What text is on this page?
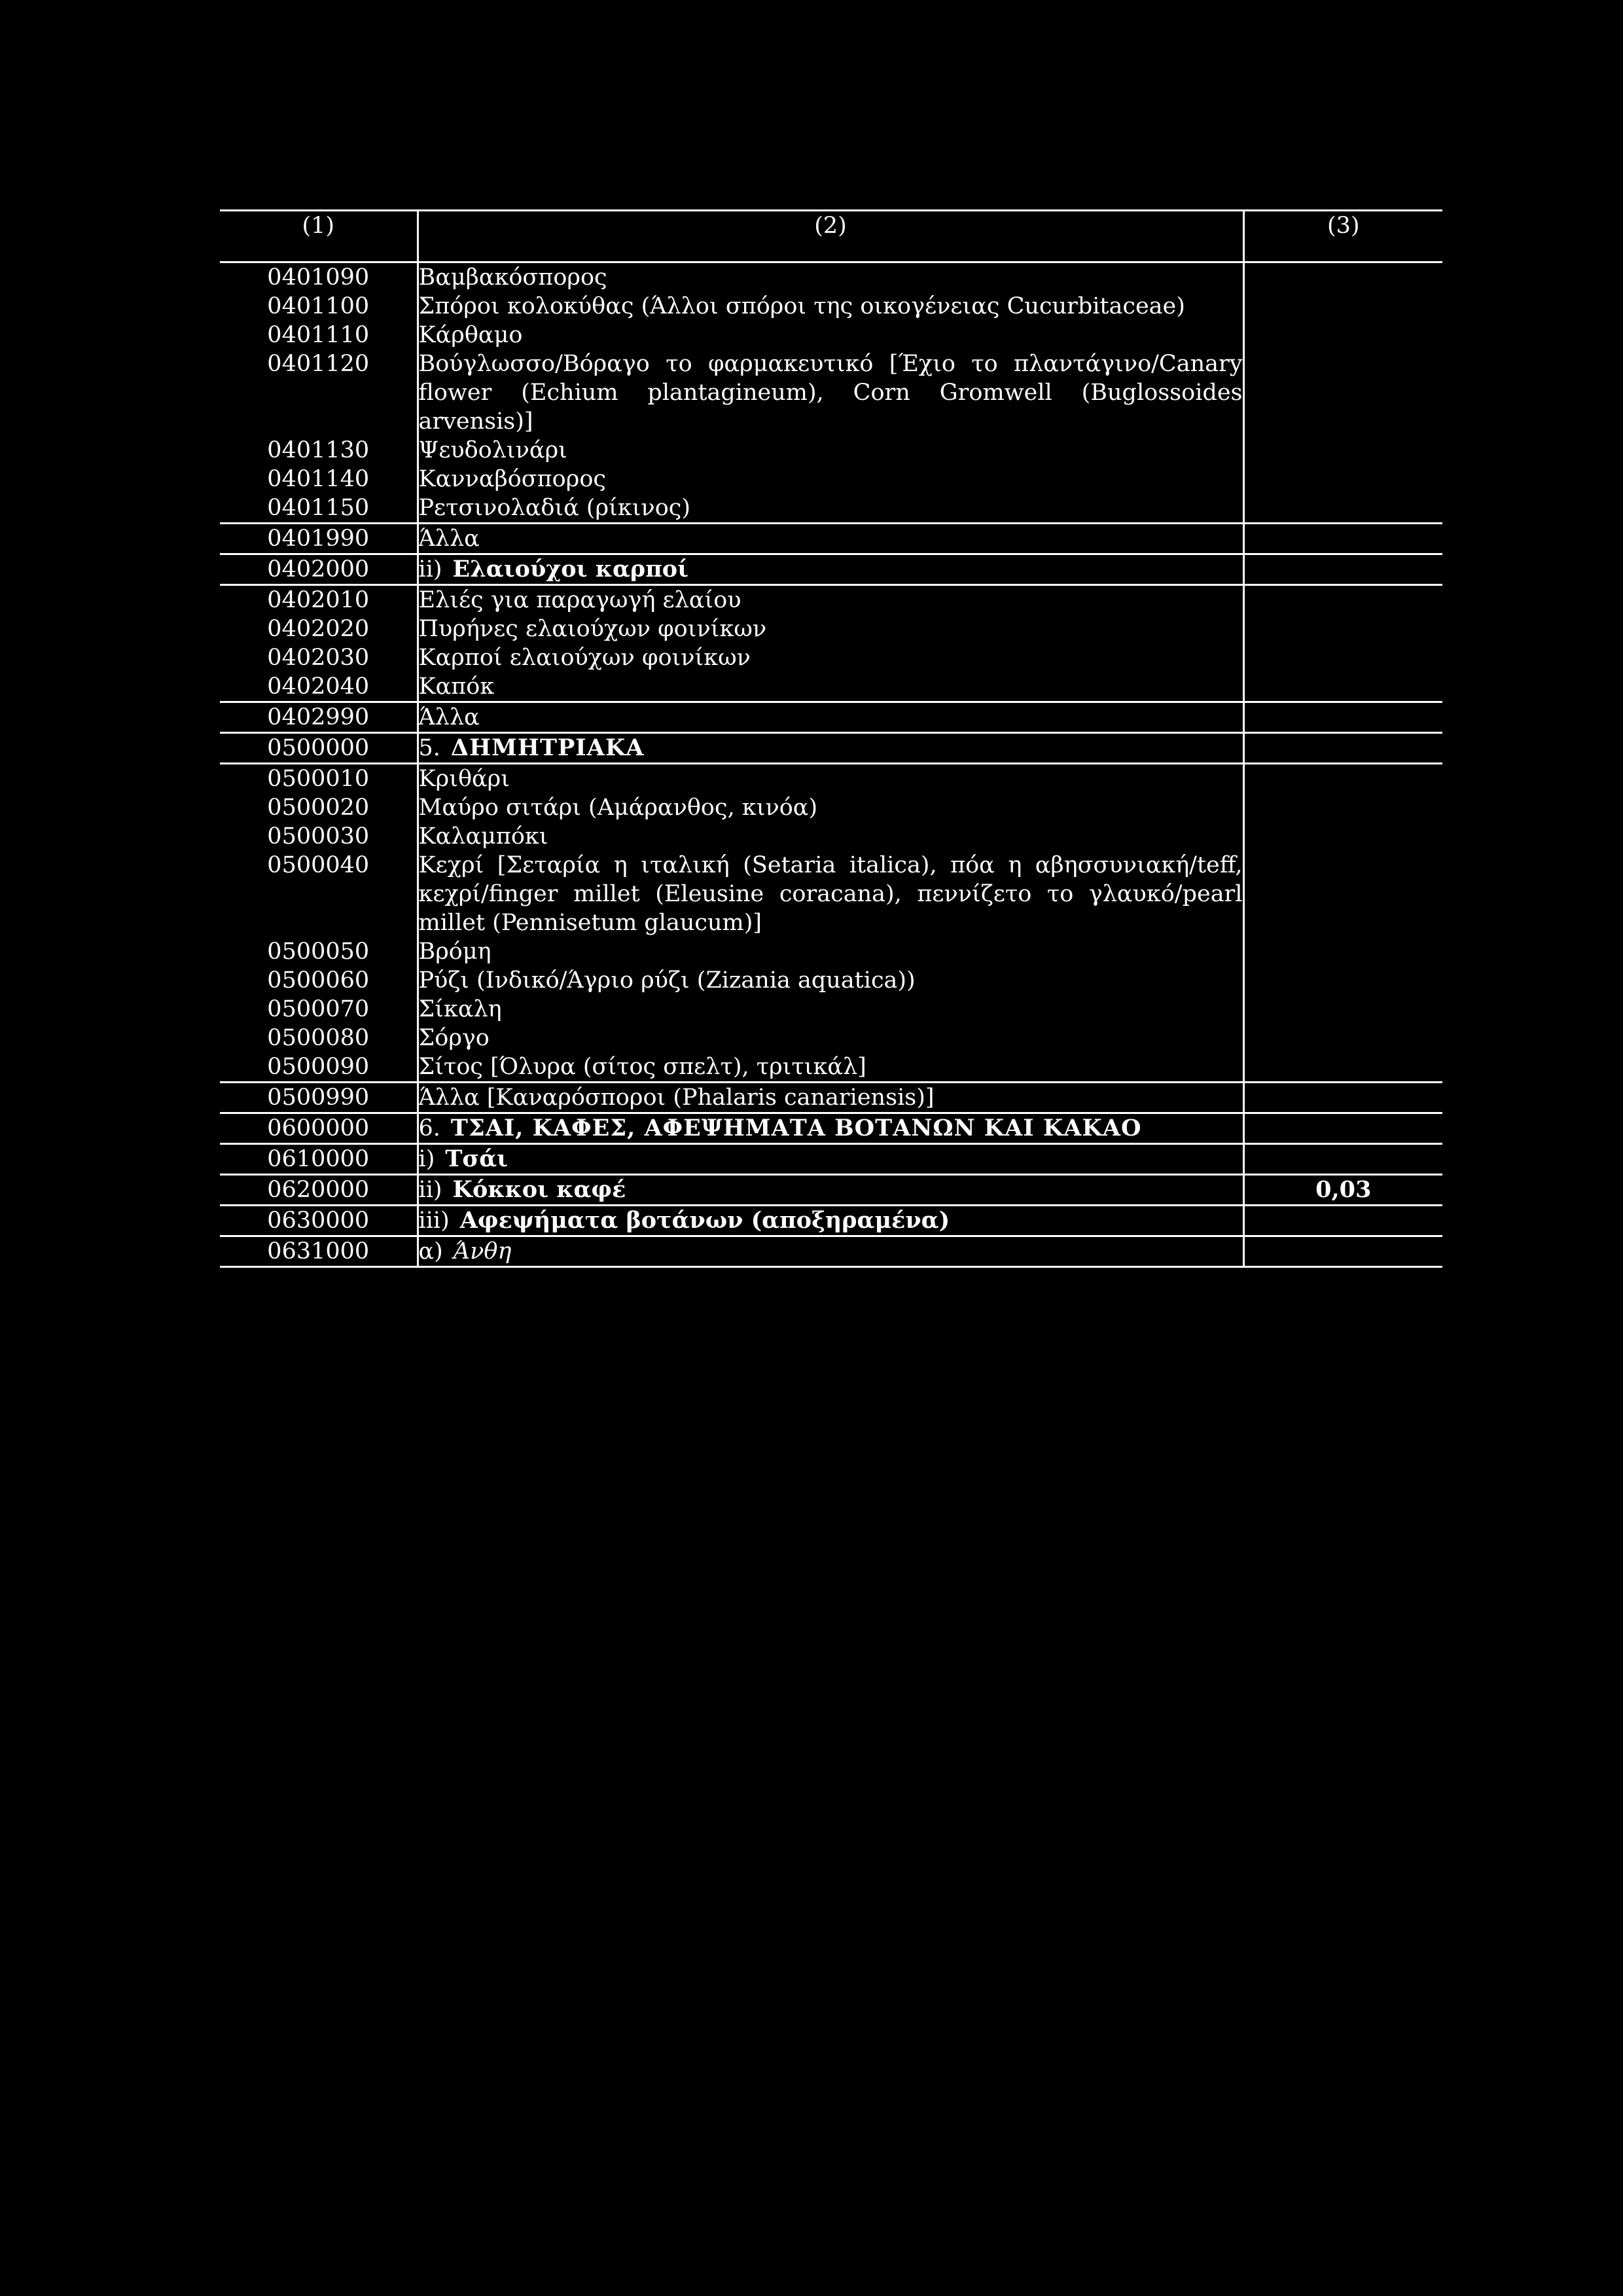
(1)	(2)	(3)
0401090	Βαμβακόσπορος	
0401100	Σπόροι κολοκύθας (Άλλοι σπόροι της οικογένειας Cucurbitaceae)	
0401110	Κάρθαμο	
0401120	Βούγλωσσο/Βόραγο το φαρμακευτικό [Έχιο το πλαντάγινο/Canary flower (Echium plantagineum), Corn Gromwell (Buglossoides arvensis)]	
0401130	Ψευδολινάρι	
0401140	Κανναβόσπορος	
0401150	Ρετσινολαδιά (ρίκινος)	
0401990	Άλλα	
0402000	ii) Ελαιούχοι καρποί	
0402010	Ελιές για παραγωγή ελαίου	
0402020	Πυρήνες ελαιούχων φοινίκων	
0402030	Καρποί ελαιούχων φοινίκων	
0402040	Καπόκ	
0402990	Άλλα	
0500000	5. ΔΗΜΗΤΡΙΑΚΑ	
0500010	Κριθάρι	
0500020	Μαύρο σιτάρι (Αμάρανθος, κινόα)	
0500030	Καλαμπόκι	
0500040	Κεχρί [Σεταρία η ιταλική (Setaria italica), πόα η αβησσυνιακή/teff, κεχρί/finger millet (Eleusine coracana), πεννίζετο το γλαυκό/pearl millet (Pennisetum glaucum)]	
0500050	Βρόμη	
0500060	Ρύζι (Ινδικό/Άγριο ρύζι (Zizania aquatica))	
0500070	Σίκαλη	
0500080	Σόργο	
0500090	Σίτος [Όλυρα (σίτος σπελτ), τριτικάλ]	
0500990	Άλλα [Καναρόσποροι (Phalaris canariensis)]	
0600000	6. ΤΣΑΙ, ΚΑΦΕΣ, ΑΦΕΨΗΜΑΤΑ ΒΟΤΑΝΩΝ ΚΑΙ ΚΑΚΑΟ	
0610000	i) Τσάι	
0620000	ii) Κόκκοι καφέ	0,03
0630000	iii) Αφεψήματα βοτάνων (αποξηραμένα)	
0631000	α) Άνθη	
